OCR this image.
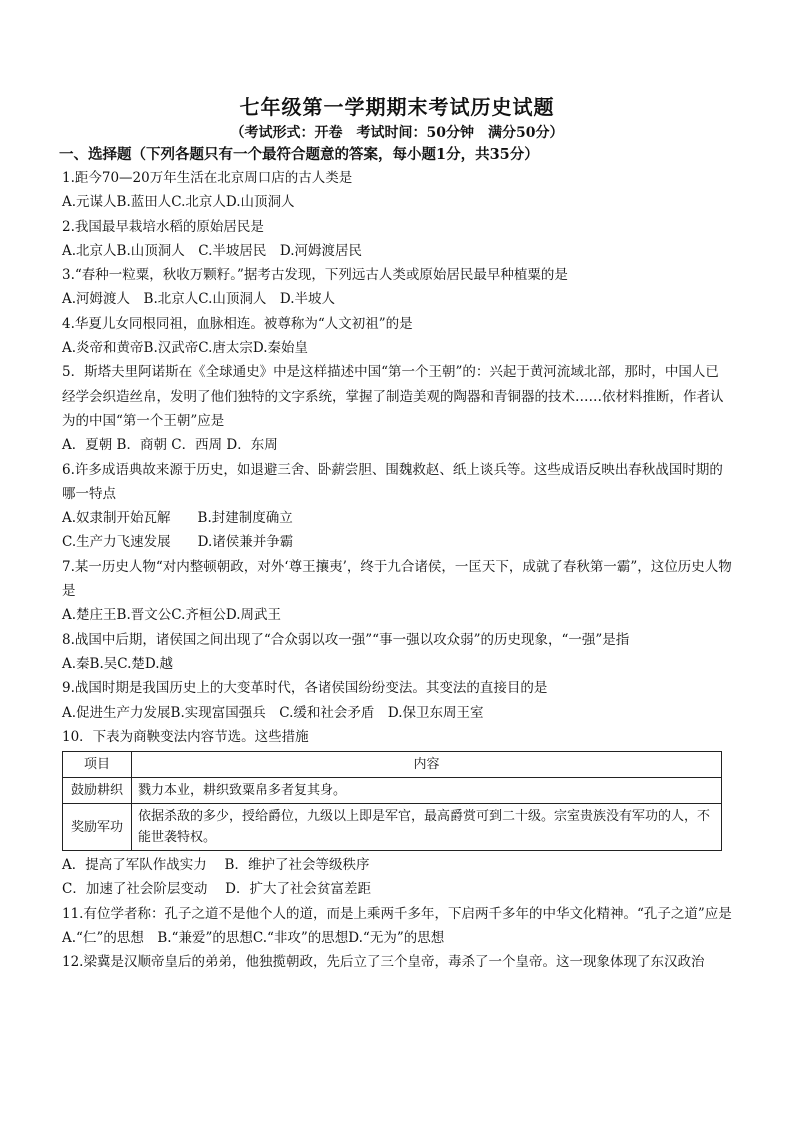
七年级第一学期期末考试历史试题
（考试形式：开卷　考试时间：50分钟　满分50分）
一、选择题（下列各题只有一个最符合题意的答案，每小题1分，共35分）
1.距今70—20万年生活在北京周口店的古人类是
A.元谋人B.蓝田人C.北京人D.山顶洞人
2.我国最早栽培水稻的原始居民是
A.北京人B.山顶洞人　C.半坡居民　D.河姆渡居民
3.“春种一粒粟，秋收万颗籽。”据考古发现，下列远古人类或原始居民最早种植粟的是
A.河姆渡人　B.北京人C.山顶洞人　D.半坡人
4.华夏儿女同根同祖，血脉相连。被尊称为“人文初祖”的是
A.炎帝和黄帝B.汉武帝C.唐太宗D.秦始皇
5．斯塔夫里阿诺斯在《全球通史》中是这样描述中国“第一个王朝”的：兴起于黄河流域北部，那时，中国人已经学会织造丝帛，发明了他们独特的文字系统，掌握了制造美观的陶器和青铜器的技术……依材料推断，作者认为的中国“第一个王朝”应是
A．夏朝 B．商朝 C．西周 D．东周
6.许多成语典故来源于历史，如退避三舍、卧薪尝胆、围魏救赵、纸上谈兵等。这些成语反映出春秋战国时期的哪一特点
A.奴隶制开始瓦解　　B.封建制度确立
C.生产力飞速发展　　D.诸侯兼并争霸
7.某一历史人物“对内整顿朝政，对外‘尊王攘夷’，终于九合诸侯，一匡天下，成就了春秋第一霸”，这位历史人物是
A.楚庄王B.晋文公C.齐桓公D.周武王
8.战国中后期，诸侯国之间出现了“合众弱以攻一强”“事一强以攻众弱”的历史现象，“一强”是指
A.秦B.吴C.楚D.越
9.战国时期是我国历史上的大变革时代，各诸侯国纷纷变法。其变法的直接目的是
A.促进生产力发展B.实现富国强兵　C.缓和社会矛盾　D.保卫东周王室
10．下表为商鞅变法内容节选。这些措施
项目	内容
鼓励耕织	戮力本业，耕织致粟帛多者复其身。
奖励军功	依据杀敌的多少，授给爵位，九级以上即是军官，最高爵赏可到二十级。宗室贵族没有军功的人，不能世袭特权。
A．提高了军队作战实力　 B．维护了社会等级秩序
C．加速了社会阶层变动　 D．扩大了社会贫富差距
11.有位学者称：孔子之道不是他个人的道，而是上乘两千多年，下启两千多年的中华文化精神。“孔子之道”应是
A.“仁”的思想　B.“兼爱”的思想C.“非攻”的思想D.“无为”的思想
12.梁冀是汉顺帝皇后的弟弟，他独揽朝政，先后立了三个皇帝，毒杀了一个皇帝。这一现象体现了东汉政治
